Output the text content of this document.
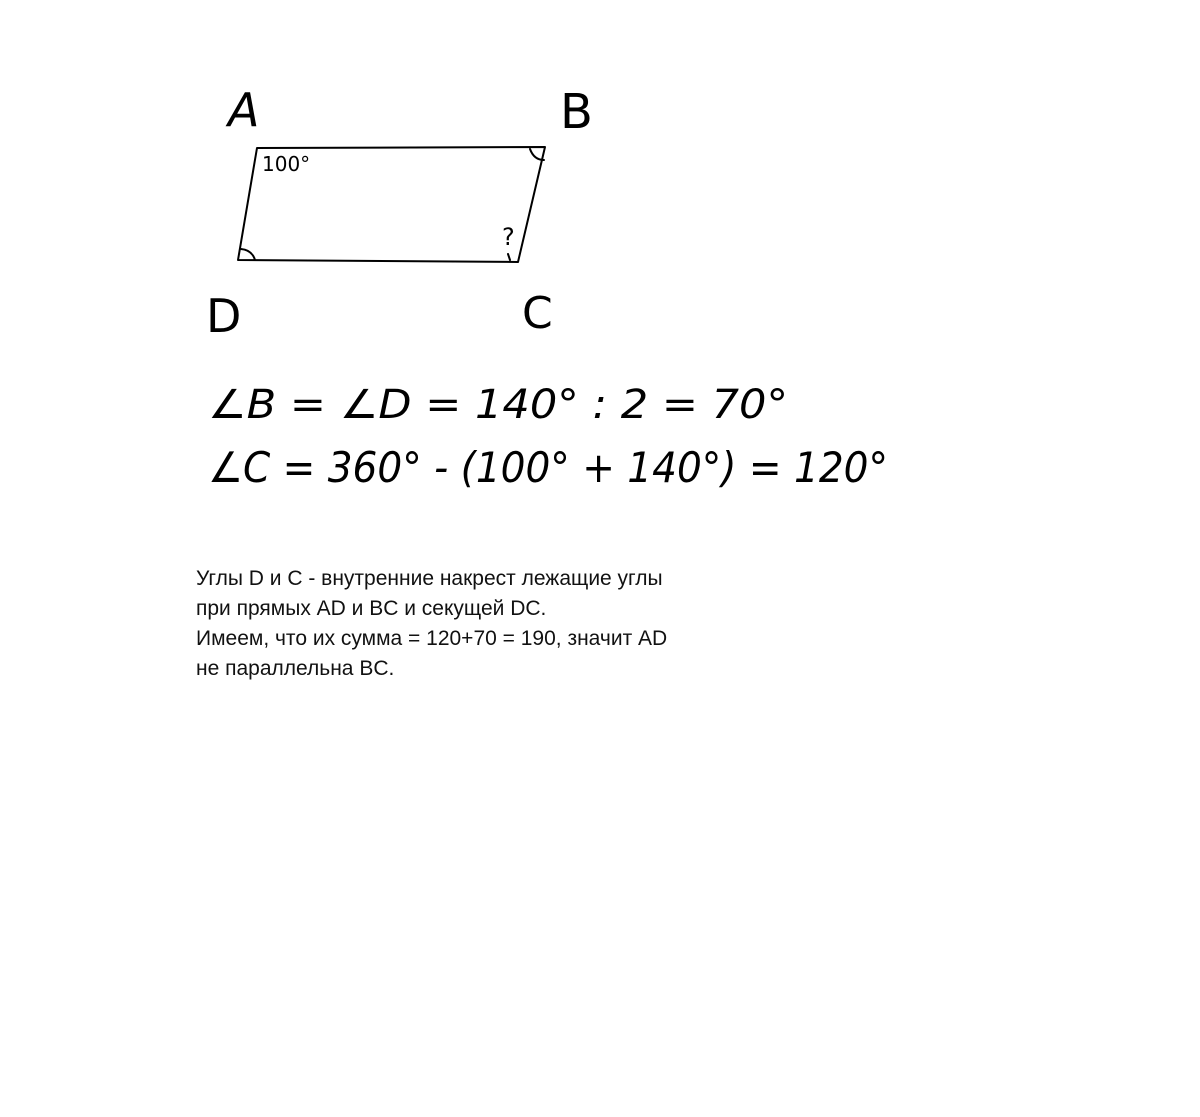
A	B
D	C
100°
?
∠B = ∠D = 140° : 2 = 70°
∠C = 360° - (100° + 140°) = 120°

Углы D и C - внутренние накрест лежащие углы

при прямых AD и BC и секущей DC.

Имеем, что их сумма = 120+70 = 190, значит AD

не параллельна BC.
